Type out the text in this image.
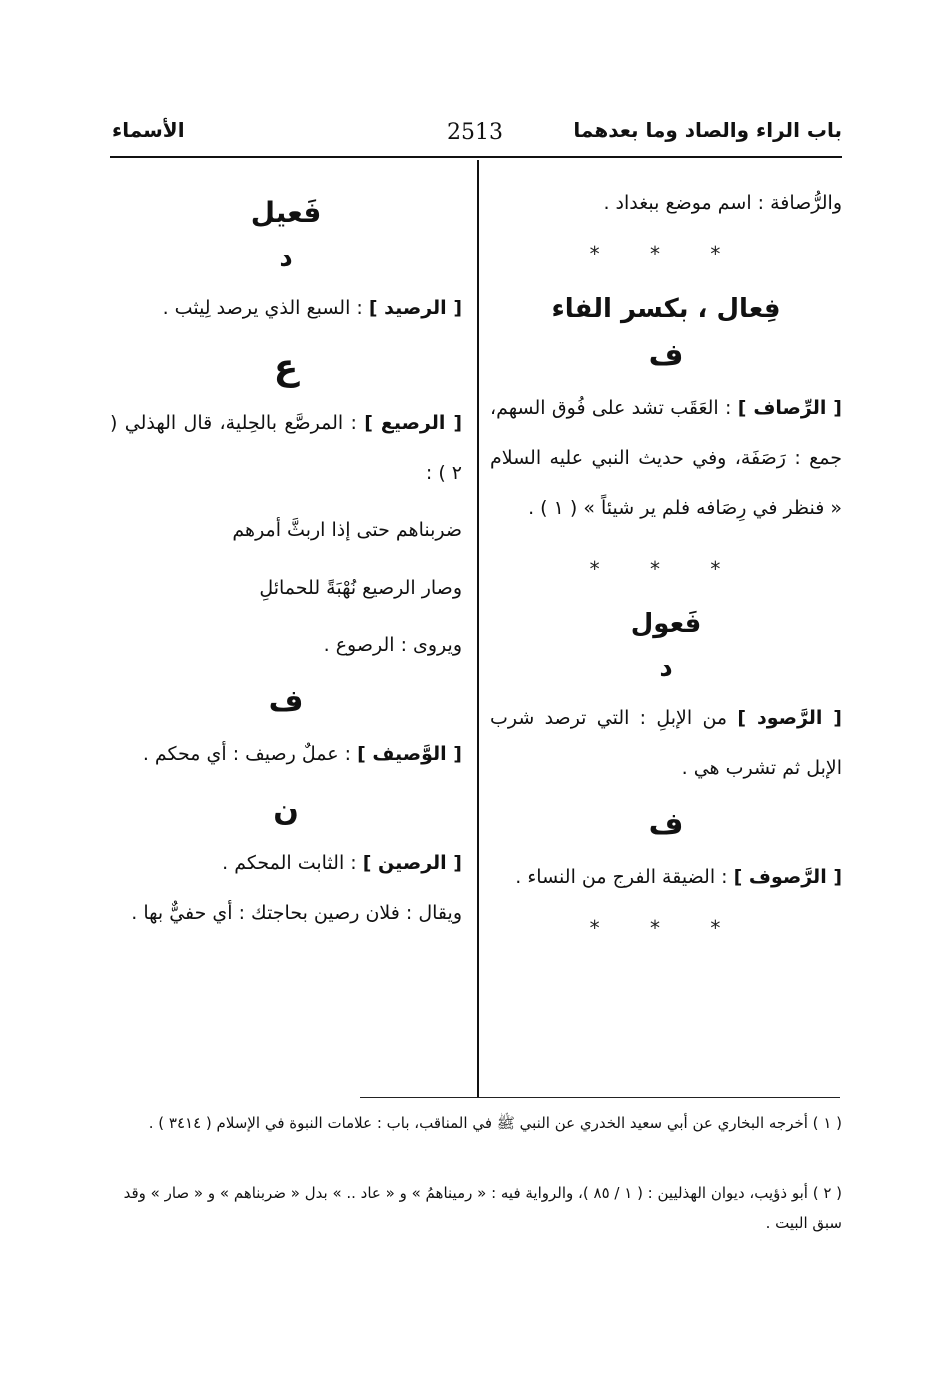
باب الراء والصاد وما بعدهما
2513
الأسماء

والرُّصافة : اسم موضع ببغداد .

* * *
فِعال ، بكسر الفاء
ف

[ الرِّصاف ] : العَقَب تشد على فُوق السهم، جمع : رَصَفَة، وفي حديث النبي عليه السلام « فنظر في رِصَافه فلم ير شيئاً » ( ١ ) .

* * *
فَعول
د

[ الرَّصود ] من الإبلِ : التي ترصد شرب الإبل ثم تشرب هي .

ف

[ الرَّصوف ] : الضيقة الفرج من النساء .

* * *
فَعيل
د

[ الرصيد ] : السبع الذي يرصد لِيثب .

ع

[ الرصيع ] : المرصَّع بالحِلية، قال الهذلي ( ٢ ) :

ضربناهم حتى إذا اربثَّ أمرهم

وصار الرصيع نُهْبَةً للحمائلِ

ويروى : الرصوع .

ف

[ الوَّصيف ] : عملٌ رصيف : أي محكم .

ن

[ الرصين ] : الثابت المحكم .

ويقال : فلان رصين بحاجتك : أي حفيٌّ بها .

( ١ ) أخرجه البخاري عن أبي سعيد الخدري عن النبي ﷺ في المناقب، باب : علامات النبوة في الإسلام ( ٣٤١٤ ) .
( ٢ ) أبو ذؤيب، ديوان الهذليين : ( ١ / ٨٥ )، والرواية فيه : « رميناهمُ » و « عاد .. » بدل « ضربناهم » و « صار » وقد سبق البيت .
